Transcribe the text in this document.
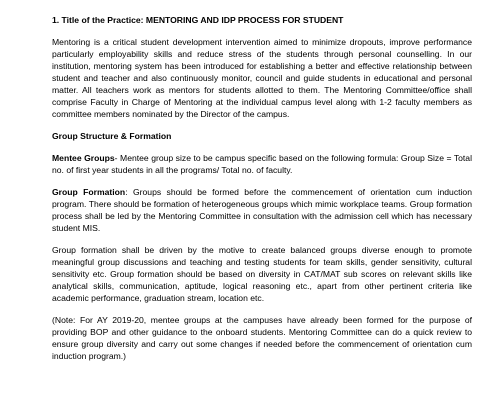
1. Title of the Practice: MENTORING AND IDP PROCESS FOR STUDENT

Mentoring is a critical student development intervention aimed to minimize dropouts, improve performance particularly employability skills and reduce stress of the students through personal counselling. In our institution, mentoring system has been introduced for establishing a better and effective relationship between student and teacher and also continuously monitor, council and guide students in educational and personal matter. All teachers work as mentors for students allotted to them. The Mentoring Committee/office shall comprise Faculty in Charge of Mentoring at the individual campus level along with 1-2 faculty members as committee members nominated by the Director of the campus.

Group Structure & Formation

Mentee Groups- Mentee group size to be campus specific based on the following formula: Group Size = Total no. of first year students in all the programs/ Total no. of faculty.

Group Formation: Groups should be formed before the commencement of orientation cum induction program. There should be formation of heterogeneous groups which mimic workplace teams. Group formation process shall be led by the Mentoring Committee in consultation with the admission cell which has necessary student MIS.

Group formation shall be driven by the motive to create balanced groups diverse enough to promote meaningful group discussions and teaching and testing students for team skills, gender sensitivity, cultural sensitivity etc. Group formation should be based on diversity in CAT/MAT sub scores on relevant skills like analytical skills, communication, aptitude, logical reasoning etc., apart from other pertinent criteria like academic performance, graduation stream, location etc.

(Note: For AY 2019-20, mentee groups at the campuses have already been formed for the purpose of providing BOP and other guidance to the onboard students. Mentoring Committee can do a quick review to ensure group diversity and carry out some changes if needed before the commencement of orientation cum induction program.)
